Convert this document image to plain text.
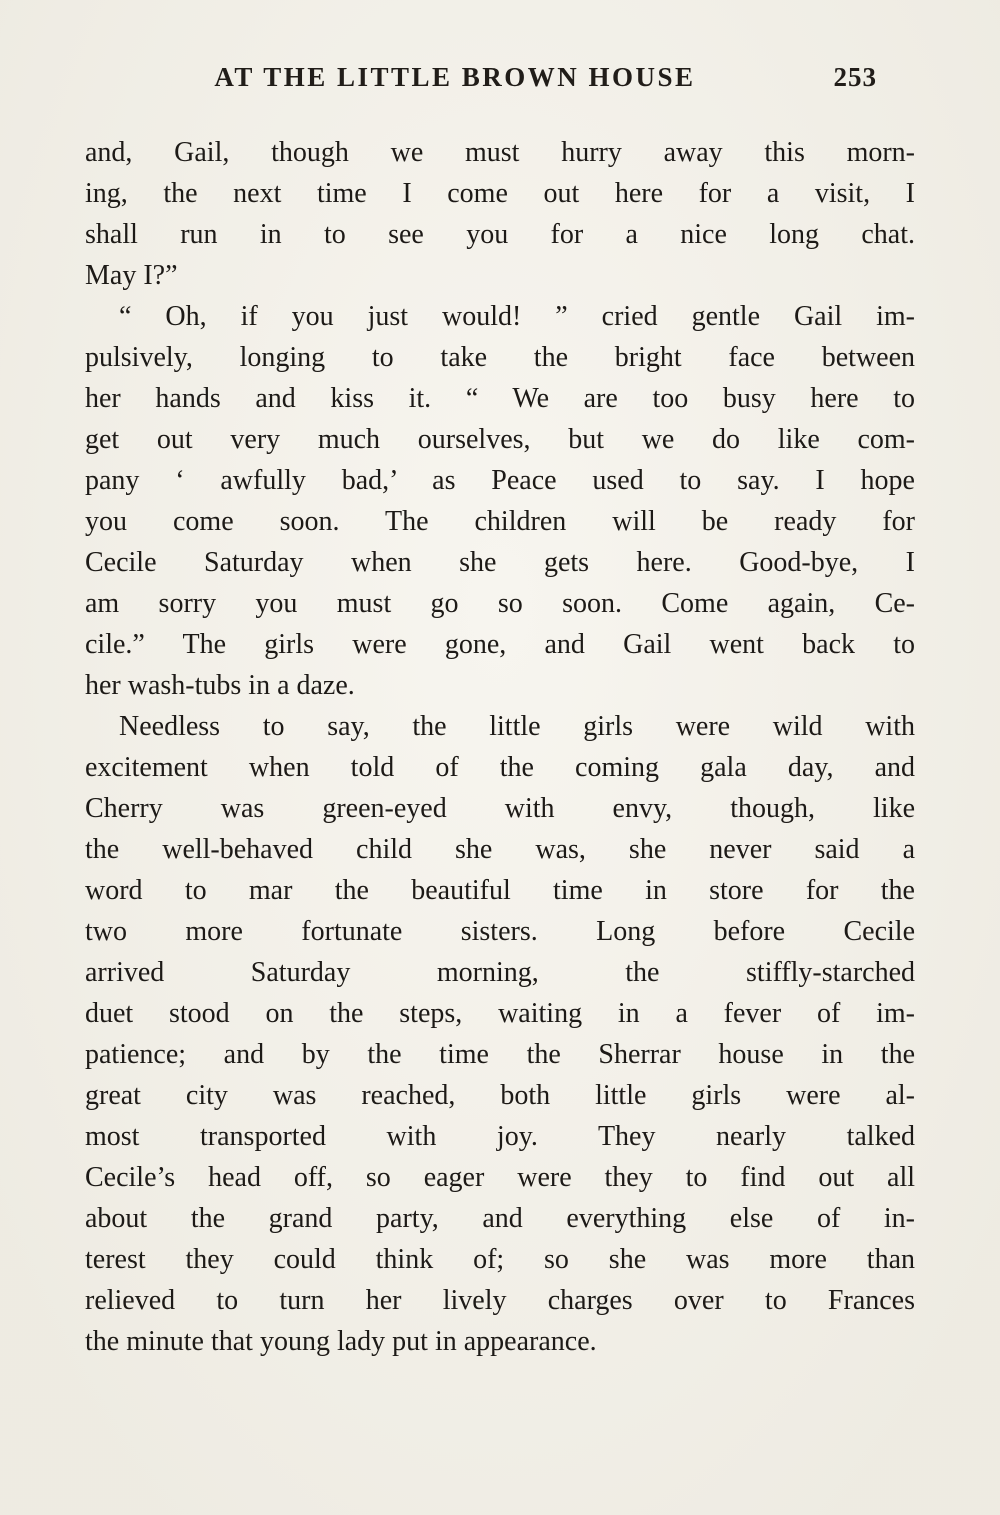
AT THE LITTLE BROWN HOUSE	253
and, Gail, though we must hurry away this morn-
ing, the next time I come out here for a visit, I
shall run in to see you for a nice long chat.
May I?”
“ Oh, if you just would! ” cried gentle Gail im-
pulsively, longing to take the bright face between
her hands and kiss it. “ We are too busy here to
get out very much ourselves, but we do like com-
pany ‘ awfully bad,’ as Peace used to say. I hope
you come soon. The children will be ready for
Cecile Saturday when she gets here. Good-bye, I
am sorry you must go so soon. Come again, Ce-
cile.” The girls were gone, and Gail went back to
her wash-tubs in a daze.
Needless to say, the little girls were wild with
excitement when told of the coming gala day, and
Cherry was green-eyed with envy, though, like
the well-behaved child she was, she never said a
word to mar the beautiful time in store for the
two more fortunate sisters. Long before Cecile
arrived Saturday morning, the stiffly-starched
duet stood on the steps, waiting in a fever of im-
patience; and by the time the Sherrar house in the
great city was reached, both little girls were al-
most transported with joy. They nearly talked
Cecile’s head off, so eager were they to find out all
about the grand party, and everything else of in-
terest they could think of; so she was more than
relieved to turn her lively charges over to Frances
the minute that young lady put in appearance.
